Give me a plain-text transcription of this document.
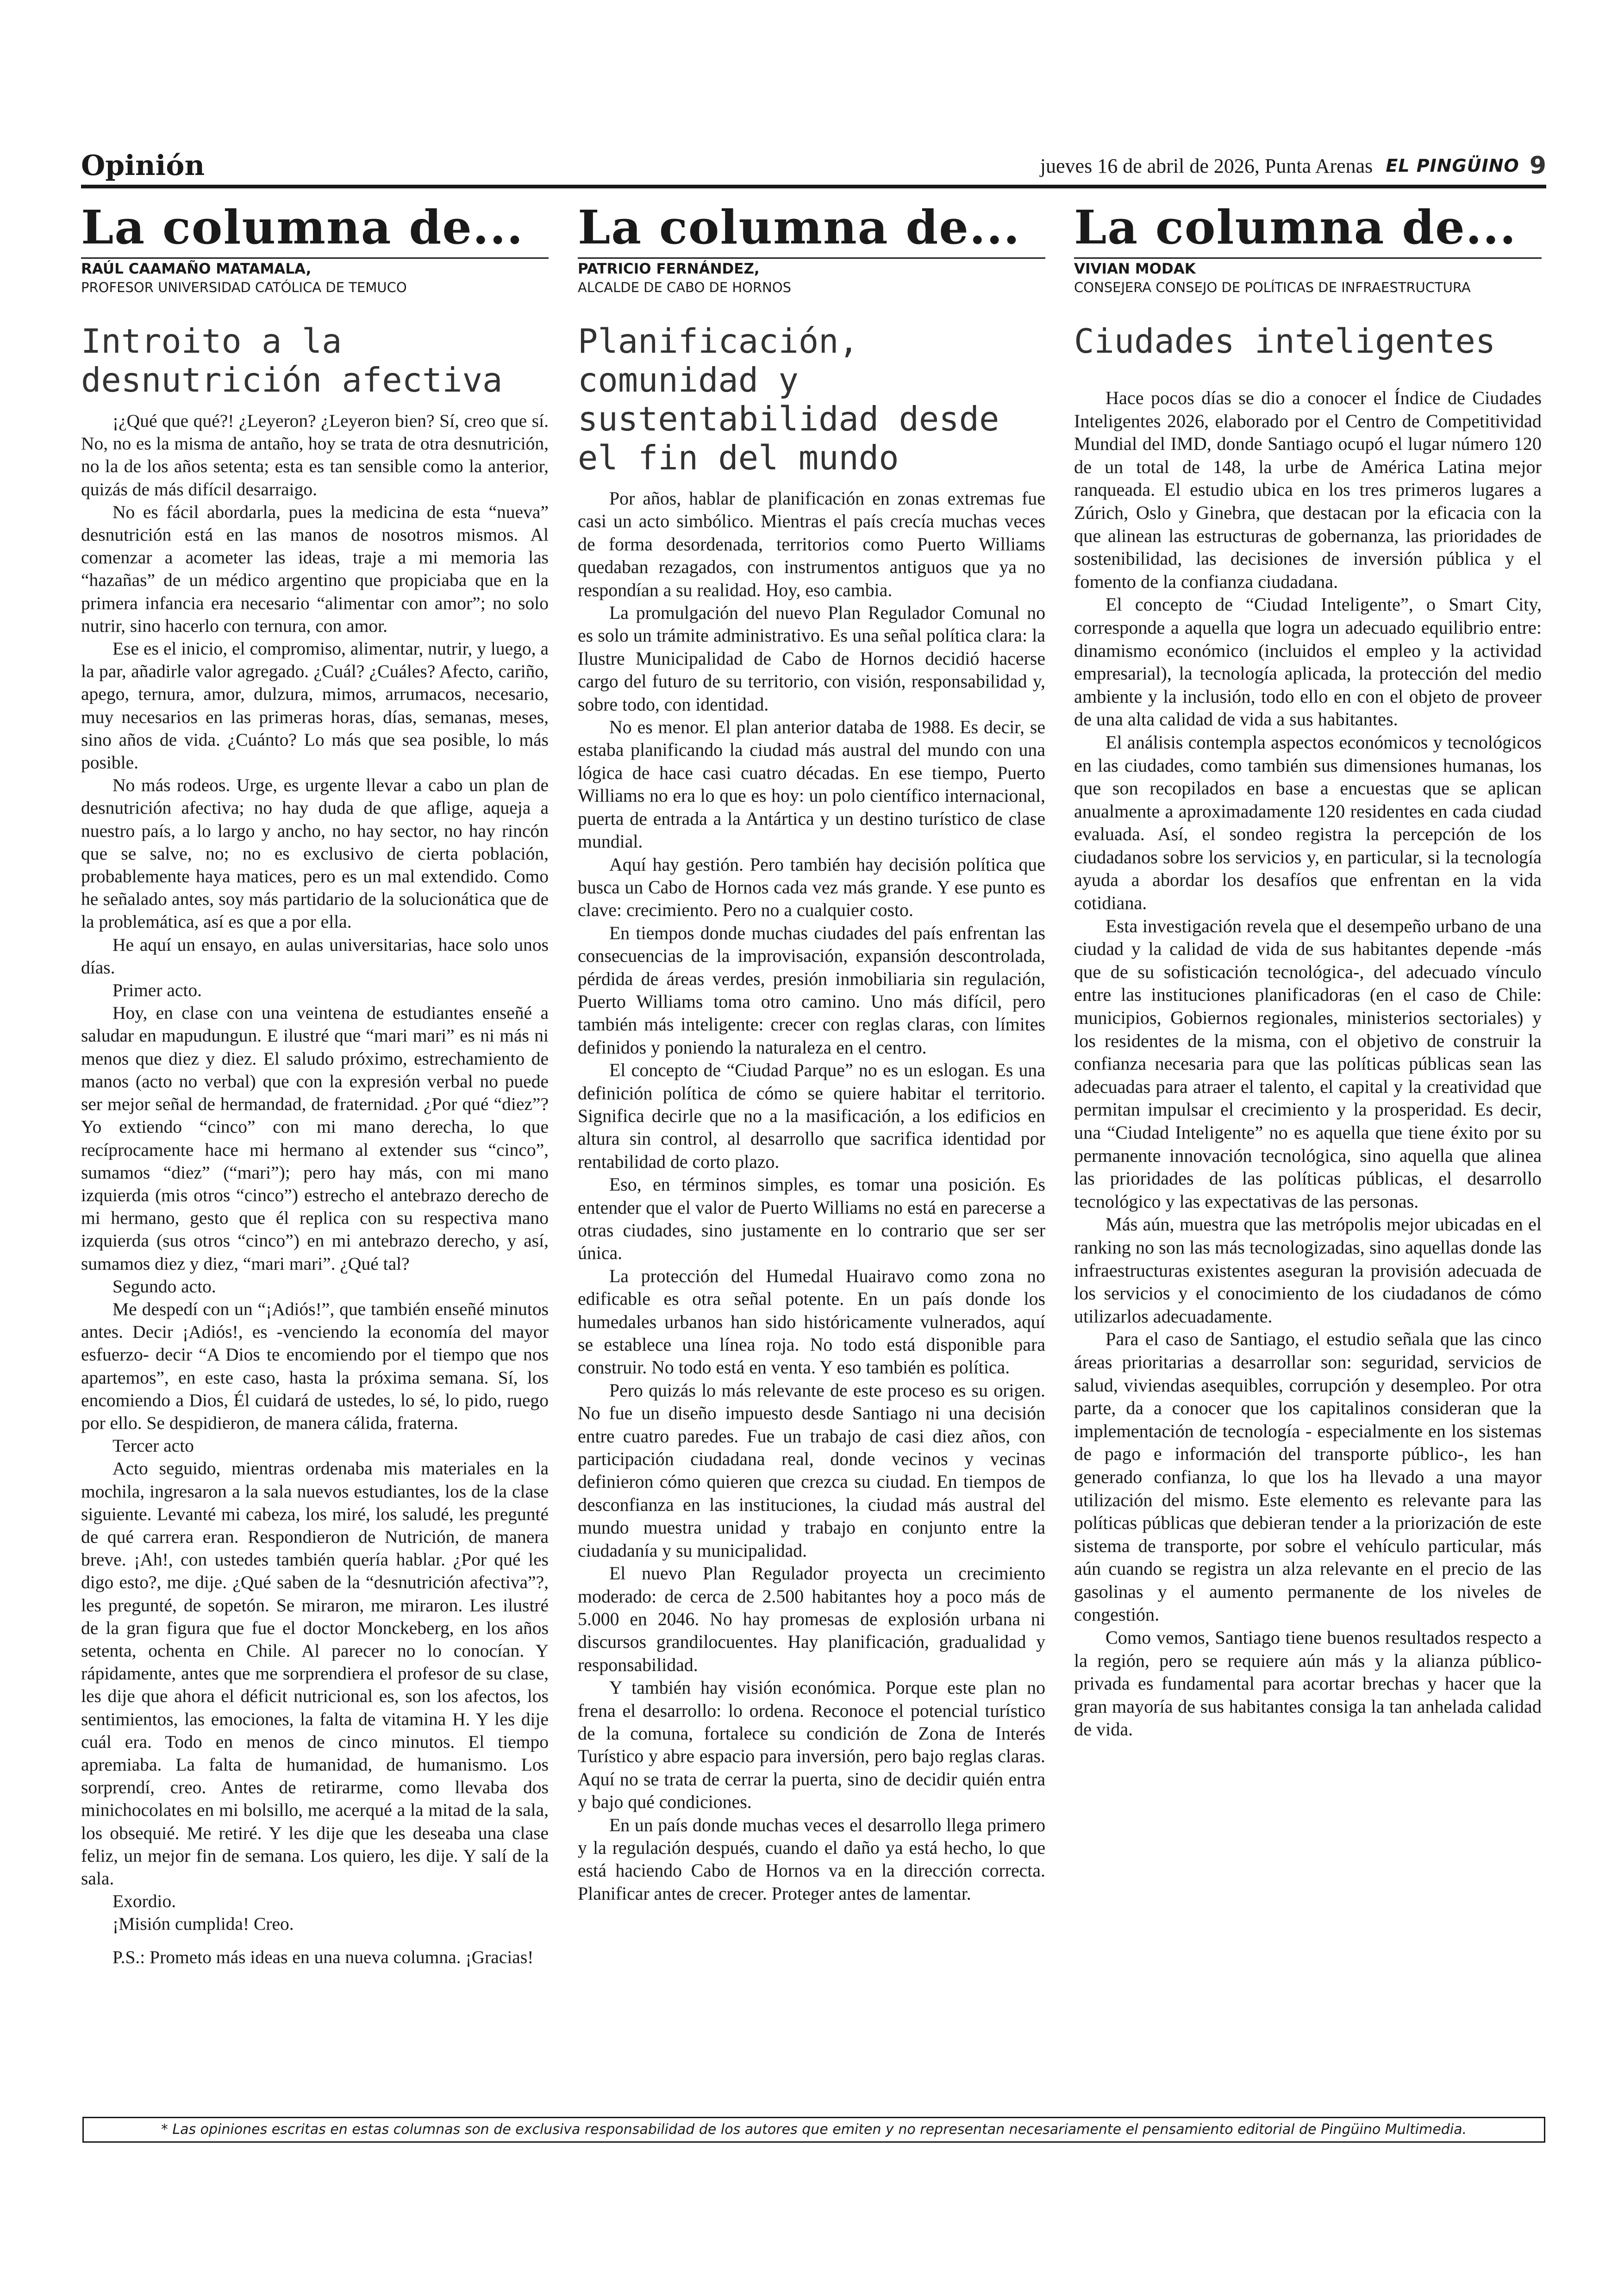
Opinión	jueves 16 de abril de 2026, Punta Arenas EL PINGÜINO 9
La columna de...
RAÚL CAAMAÑO MATAMALA,
PROFESOR UNIVERSIDAD CATÓLICA DE TEMUCO
Introito a la desnutrición afectiva

¡¿Qué que qué?! ¿Leyeron? ¿Leyeron bien? Sí, creo que sí. No, no es la misma de antaño, hoy se trata de otra desnutrición, no la de los años setenta; esta es tan sensible como la anterior, quizás de más difícil desarraigo.

No es fácil abordarla, pues la medicina de esta “nueva” desnutrición está en las manos de nosotros mismos. Al comenzar a acometer las ideas, traje a mi memoria las “hazañas” de un médico argentino que propiciaba que en la primera infancia era necesario “alimentar con amor”; no solo nutrir, sino hacerlo con ternura, con amor.

Ese es el inicio, el compromiso, alimentar, nutrir, y luego, a la par, añadirle valor agregado. ¿Cuál? ¿Cuáles? Afecto, cariño, apego, ternura, amor, dulzura, mimos, arrumacos, necesario, muy necesarios en las primeras horas, días, semanas, meses, sino años de vida. ¿Cuánto? Lo más que sea posible, lo más posible.

No más rodeos. Urge, es urgente llevar a cabo un plan de desnutrición afectiva; no hay duda de que aflige, aqueja a nuestro país, a lo largo y ancho, no hay sector, no hay rincón que se salve, no; no es exclusivo de cierta población, probablemente haya matices, pero es un mal extendido. Como he señalado antes, soy más partidario de la solucionática que de la problemática, así es que a por ella.

He aquí un ensayo, en aulas universitarias, hace solo unos días.

Primer acto.

Hoy, en clase con una veintena de estudiantes enseñé a saludar en mapudungun. E ilustré que “mari mari” es ni más ni menos que diez y diez. El saludo próximo, estrechamiento de manos (acto no verbal) que con la expresión verbal no puede ser mejor señal de hermandad, de fraternidad. ¿Por qué “diez”? Yo extiendo “cinco” con mi mano derecha, lo que recíprocamente hace mi hermano al extender sus “cinco”, sumamos “diez” (“mari”); pero hay más, con mi mano izquierda (mis otros “cinco”) estrecho el antebrazo derecho de mi hermano, gesto que él replica con su respectiva mano izquierda (sus otros “cinco”) en mi antebrazo derecho, y así, sumamos diez y diez, “mari mari”. ¿Qué tal?

Segundo acto.

Me despedí con un “¡Adiós!”, que también enseñé minutos antes. Decir ¡Adiós!, es -venciendo la economía del mayor esfuerzo- decir “A Dios te encomiendo por el tiempo que nos apartemos”, en este caso, hasta la próxima semana. Sí, los encomiendo a Dios, Él cuidará de ustedes, lo sé, lo pido, ruego por ello. Se despidieron, de manera cálida, fraterna.

Tercer acto

Acto seguido, mientras ordenaba mis materiales en la mochila, ingresaron a la sala nuevos estudiantes, los de la clase siguiente. Levanté mi cabeza, los miré, los saludé, les pregunté de qué carrera eran. Respondieron de Nutrición, de manera breve. ¡Ah!, con ustedes también quería hablar. ¿Por qué les digo esto?, me dije. ¿Qué saben de la “desnutrición afectiva”?, les pregunté, de sopetón. Se miraron, me miraron. Les ilustré de la gran figura que fue el doctor Monckeberg, en los años setenta, ochenta en Chile. Al parecer no lo conocían. Y rápidamente, antes que me sorprendiera el profesor de su clase, les dije que ahora el déficit nutricional es, son los afectos, los sentimientos, las emociones, la falta de vitamina H. Y les dije cuál era. Todo en menos de cinco minutos. El tiempo apremiaba. La falta de humanidad, de humanismo. Los sorprendí, creo. Antes de retirarme, como llevaba dos minichocolates en mi bolsillo, me acerqué a la mitad de la sala, los obsequié. Me retiré. Y les dije que les deseaba una clase feliz, un mejor fin de semana. Los quiero, les dije. Y salí de la sala.

Exordio.

¡Misión cumplida! Creo.

P.S.: Prometo más ideas en una nueva columna. ¡Gracias!

La columna de...
PATRICIO FERNÁNDEZ,
ALCALDE DE CABO DE HORNOS
Planificación, comunidad y sustentabilidad desde el fin del mundo

Por años, hablar de planificación en zonas extremas fue casi un acto simbólico. Mientras el país crecía muchas veces de forma desordenada, territorios como Puerto Williams quedaban rezagados, con instrumentos antiguos que ya no respondían a su realidad. Hoy, eso cambia.

La promulgación del nuevo Plan Regulador Comunal no es solo un trámite administrativo. Es una señal política clara: la Ilustre Municipalidad de Cabo de Hornos decidió hacerse cargo del futuro de su territorio, con visión, responsabilidad y, sobre todo, con identidad.

No es menor. El plan anterior databa de 1988. Es decir, se estaba planificando la ciudad más austral del mundo con una lógica de hace casi cuatro décadas. En ese tiempo, Puerto Williams no era lo que es hoy: un polo científico internacional, puerta de entrada a la Antártica y un destino turístico de clase mundial.

Aquí hay gestión. Pero también hay decisión política que busca un Cabo de Hornos cada vez más grande. Y ese punto es clave: crecimiento. Pero no a cualquier costo.

En tiempos donde muchas ciudades del país enfrentan las consecuencias de la improvisación, expansión descontrolada, pérdida de áreas verdes, presión inmobiliaria sin regulación, Puerto Williams toma otro camino. Uno más difícil, pero también más inteligente: crecer con reglas claras, con límites definidos y poniendo la naturaleza en el centro.

El concepto de “Ciudad Parque” no es un eslogan. Es una definición política de cómo se quiere habitar el territorio. Significa decirle que no a la masificación, a los edificios en altura sin control, al desarrollo que sacrifica identidad por rentabilidad de corto plazo.

Eso, en términos simples, es tomar una posición. Es entender que el valor de Puerto Williams no está en parecerse a otras ciudades, sino justamente en lo contrario que ser ser única.

La protección del Humedal Huairavo como zona no edificable es otra señal potente. En un país donde los humedales urbanos han sido históricamente vulnerados, aquí se establece una línea roja. No todo está disponible para construir. No todo está en venta. Y eso también es política.

Pero quizás lo más relevante de este proceso es su origen. No fue un diseño impuesto desde Santiago ni una decisión entre cuatro paredes. Fue un trabajo de casi diez años, con participación ciudadana real, donde vecinos y vecinas definieron cómo quieren que crezca su ciudad. En tiempos de desconfianza en las instituciones, la ciudad más austral del mundo muestra unidad y trabajo en conjunto entre la ciudadanía y su municipalidad.

El nuevo Plan Regulador proyecta un crecimiento moderado: de cerca de 2.500 habitantes hoy a poco más de 5.000 en 2046. No hay promesas de explosión urbana ni discursos grandilocuentes. Hay planificación, gradualidad y responsabilidad.

Y también hay visión económica. Porque este plan no frena el desarrollo: lo ordena. Reconoce el potencial turístico de la comuna, fortalece su condición de Zona de Interés Turístico y abre espacio para inversión, pero bajo reglas claras. Aquí no se trata de cerrar la puerta, sino de decidir quién entra y bajo qué condiciones.

En un país donde muchas veces el desarrollo llega primero y la regulación después, cuando el daño ya está hecho, lo que está haciendo Cabo de Hornos va en la dirección correcta. Planificar antes de crecer. Proteger antes de lamentar.

La columna de...
VIVIAN MODAK
CONSEJERA CONSEJO DE POLÍTICAS DE INFRAESTRUCTURA
Ciudades inteligentes

Hace pocos días se dio a conocer el Índice de Ciudades Inteligentes 2026, elaborado por el Centro de Competitividad Mundial del IMD, donde Santiago ocupó el lugar número 120 de un total de 148, la urbe de América Latina mejor ranqueada. El estudio ubica en los tres primeros lugares a Zúrich, Oslo y Ginebra, que destacan por la eficacia con la que alinean las estructuras de gobernanza, las prioridades de sostenibilidad, las decisiones de inversión pública y el fomento de la confianza ciudadana.

El concepto de “Ciudad Inteligente”, o Smart City, corresponde a aquella que logra un adecuado equilibrio entre: dinamismo económico (incluidos el empleo y la actividad empresarial), la tecnología aplicada, la protección del medio ambiente y la inclusión, todo ello en con el objeto de proveer de una alta calidad de vida a sus habitantes.

El análisis contempla aspectos económicos y tecnológicos en las ciudades, como también sus dimensiones humanas, los que son recopilados en base a encuestas que se aplican anualmente a aproximadamente 120 residentes en cada ciudad evaluada. Así, el sondeo registra la percepción de los ciudadanos sobre los servicios y, en particular, si la tecnología ayuda a abordar los desafíos que enfrentan en la vida cotidiana.

Esta investigación revela que el desempeño urbano de una ciudad y la calidad de vida de sus habitantes depende -más que de su sofisticación tecnológica-, del adecuado vínculo entre las instituciones planificadoras (en el caso de Chile: municipios, Gobiernos regionales, ministerios sectoriales) y los residentes de la misma, con el objetivo de construir la confianza necesaria para que las políticas públicas sean las adecuadas para atraer el talento, el capital y la creatividad que permitan impulsar el crecimiento y la prosperidad. Es decir, una “Ciudad Inteligente” no es aquella que tiene éxito por su permanente innovación tecnológica, sino aquella que alinea las prioridades de las políticas públicas, el desarrollo tecnológico y las expectativas de las personas.

Más aún, muestra que las metrópolis mejor ubicadas en el ranking no son las más tecnologizadas, sino aquellas donde las infraestructuras existentes aseguran la provisión adecuada de los servicios y el conocimiento de los ciudadanos de cómo utilizarlos adecuadamente.

Para el caso de Santiago, el estudio señala que las cinco áreas prioritarias a desarrollar son: seguridad, servicios de salud, viviendas asequibles, corrupción y desempleo. Por otra parte, da a conocer que los capitalinos consideran que la implementación de tecnología - especialmente en los sistemas de pago e información del transporte público-, les han generado confianza, lo que los ha llevado a una mayor utilización del mismo. Este elemento es relevante para las políticas públicas que debieran tender a la priorización de este sistema de transporte, por sobre el vehículo particular, más aún cuando se registra un alza relevante en el precio de las gasolinas y el aumento permanente de los niveles de congestión.

Como vemos, Santiago tiene buenos resultados respecto a la región, pero se requiere aún más y la alianza público-privada es fundamental para acortar brechas y hacer que la gran mayoría de sus habitantes consiga la tan anhelada calidad de vida.

* Las opiniones escritas en estas columnas son de exclusiva responsabilidad de los autores que emiten y no representan necesariamente el pensamiento editorial de Pingüino Multimedia.
